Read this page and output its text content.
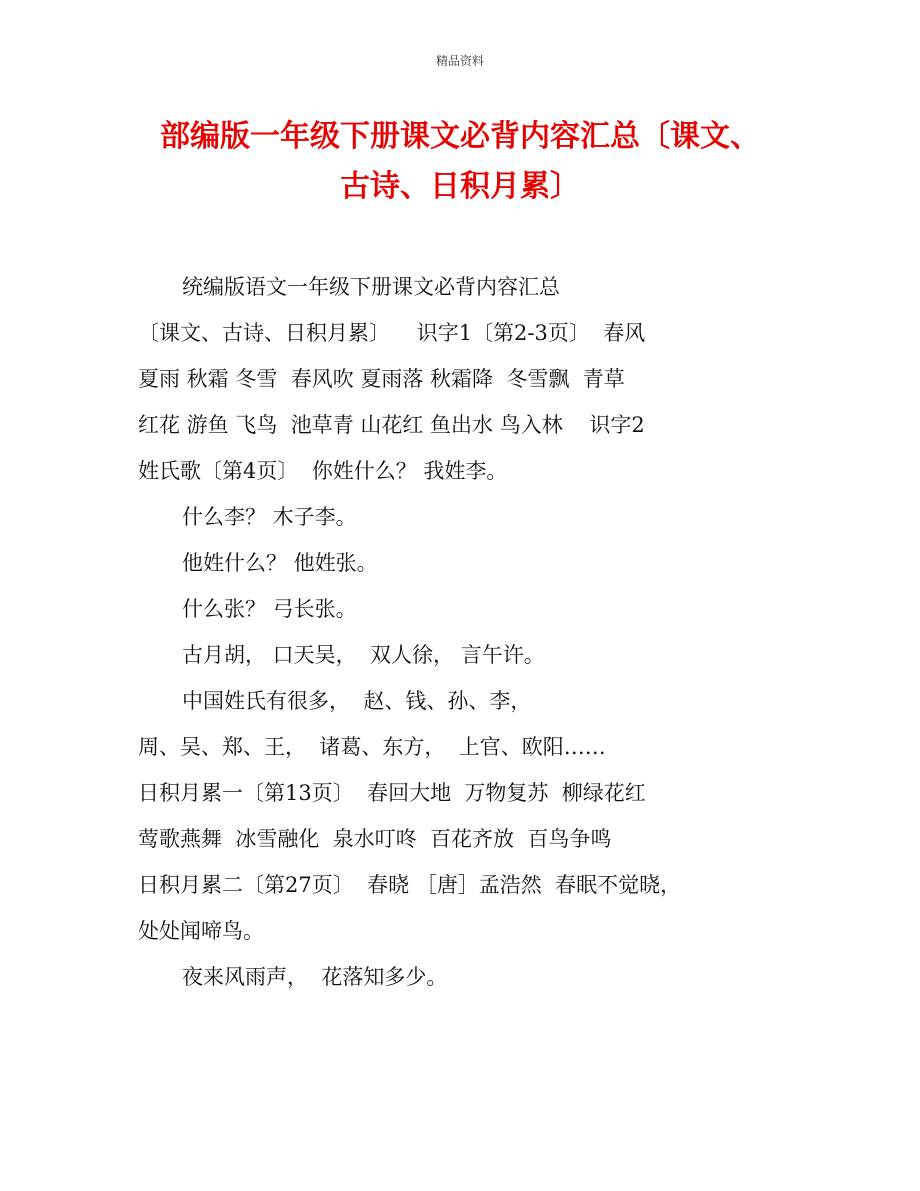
精品资料
部编版一年级下册课文必背内容汇总〔课文、
古诗、日积月累〕
统编版语文一年级下册课文必背内容汇总
〔课文、古诗、日积月累〕    识字1〔第2-3页〕  春风
夏雨 秋霜 冬雪  春风吹 夏雨落 秋霜降  冬雪飘  青草
红花 游鱼 飞鸟  池草青 山花红 鱼出水 鸟入林    识字2
姓氏歌〔第4页〕  你姓什么？ 我姓李。
什么李？ 木子李。
他姓什么？ 他姓张。
什么张？ 弓长张。
古月胡， 口天吴，  双人徐， 言午许。
中国姓氏有很多，  赵、钱、孙、李，
周、吴、郑、王，  诸葛、东方，  上官、欧阳……
日积月累一〔第13页〕  春回大地  万物复苏  柳绿花红
莺歌燕舞  冰雪融化  泉水叮咚  百花齐放  百鸟争鸣
日积月累二〔第27页〕  春晓 ［唐］孟浩然  春眠不觉晓，
处处闻啼鸟。
夜来风雨声，  花落知多少。
